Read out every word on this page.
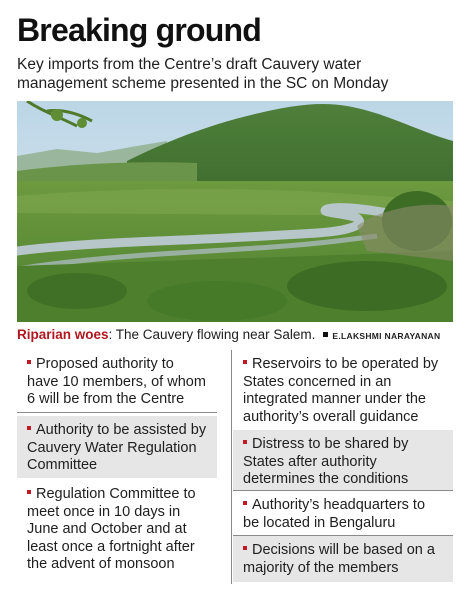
Breaking ground
Key imports from the Centre’s draft Cauvery water management scheme presented in the SC on Monday
Riparian woes: The Cauvery flowing near Salem. E.LAKSHMI NARAYANAN
Proposed authority to have 10 members, of whom 6 will be from the Centre
Authority to be assisted by Cauvery Water Regulation Committee
Regulation Committee to meet once in 10 days in June and October and at least once a fortnight after the advent of monsoon
Reservoirs to be operated by States concerned in an integrated manner under the authority’s overall guidance
Distress to be shared by States after authority determines the conditions
Authority’s headquarters to be located in Bengaluru
Decisions will be based on a majority of the members
